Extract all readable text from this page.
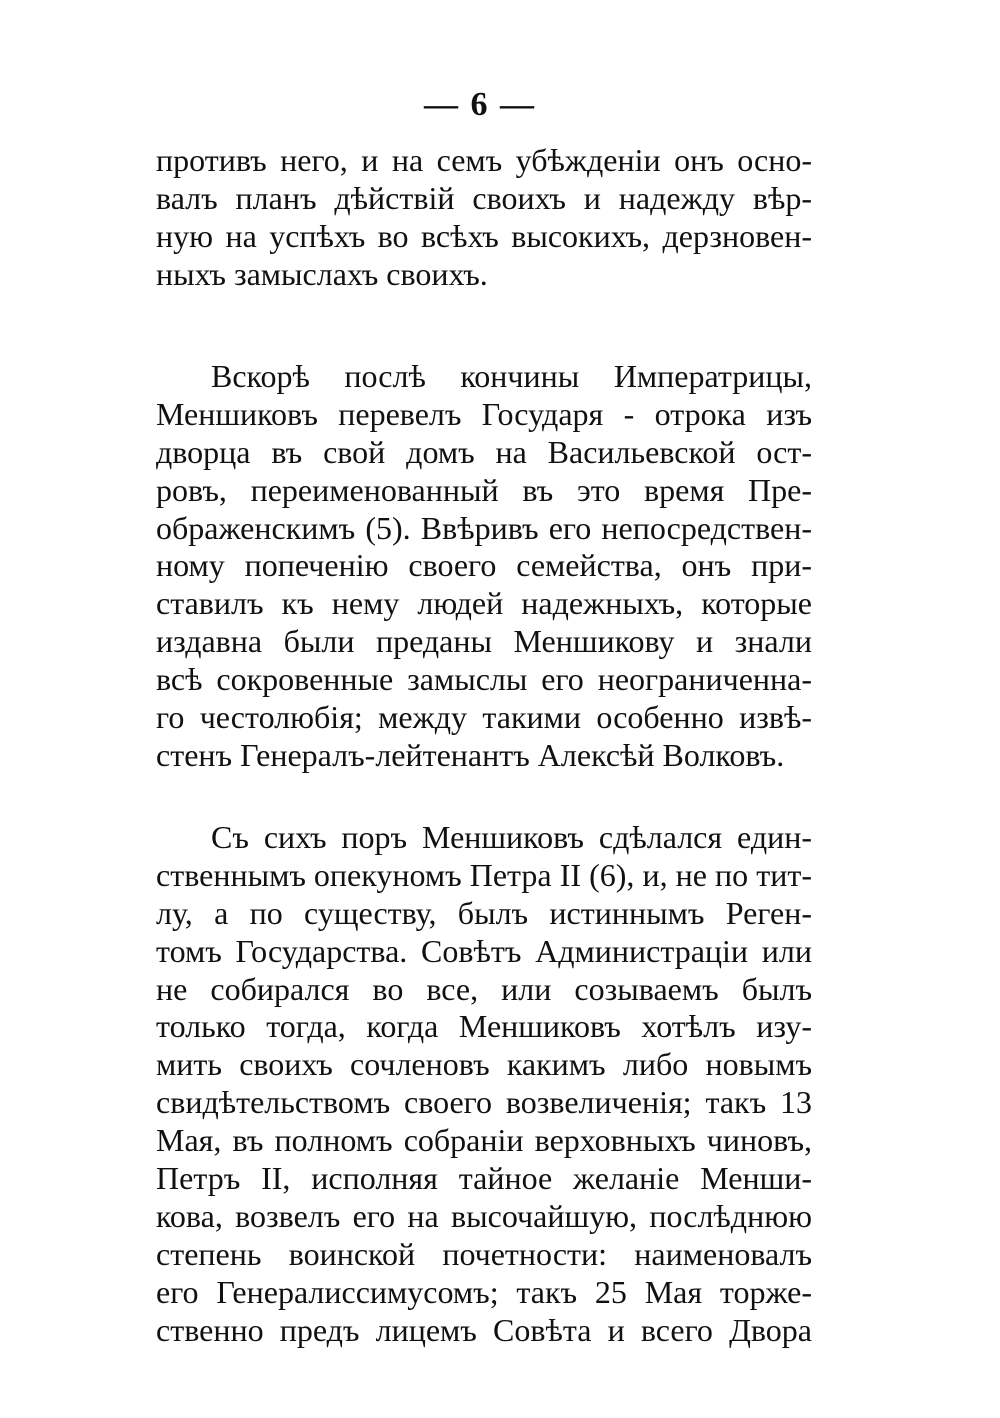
— 6 —
противъ него, и на семъ убѣжденіи онъ осно-
валъ планъ дѣйствій своихъ и надежду вѣр-
ную на успѣхъ во всѣхъ высокихъ, дерзновен-
ныхъ замыслахъ своихъ.
Вскорѣ послѣ кончины Императрицы,
Меншиковъ перевелъ Государя - отрока изъ
дворца въ свой домъ на Васильевской ост-
ровъ, переименованный въ это время Пре-
ображенскимъ (5). Ввѣривъ его непосредствен-
ному попеченію своего семейства, онъ при-
ставилъ къ нему людей надежныхъ, которые
издавна были преданы Меншикову и знали
всѣ сокровенные замыслы его неограниченна-
го честолюбія; между такими особенно извѣ-
стенъ Генералъ-лейтенантъ Алексѣй Волковъ.
Съ сихъ поръ Меншиковъ сдѣлался един-
ственнымъ опекуномъ Петра II (6), и, не по тит-
лу, а по существу, былъ истиннымъ Реген-
томъ Государства. Совѣтъ Администраціи или
не собирался во все, или созываемъ былъ
только тогда, когда Меншиковъ хотѣлъ изу-
мить своихъ сочленовъ какимъ либо новымъ
свидѣтельствомъ своего возвеличенія; такъ 13
Мая, въ полномъ собраніи верховныхъ чиновъ,
Петръ II, исполняя тайное желаніе Менши-
кова, возвелъ его на высочайшую, послѣднюю
степень воинской почетности: наименовалъ
его Генералиссимусомъ; такъ 25 Мая торже-
ственно предъ лицемъ Совѣта и всего Двора
